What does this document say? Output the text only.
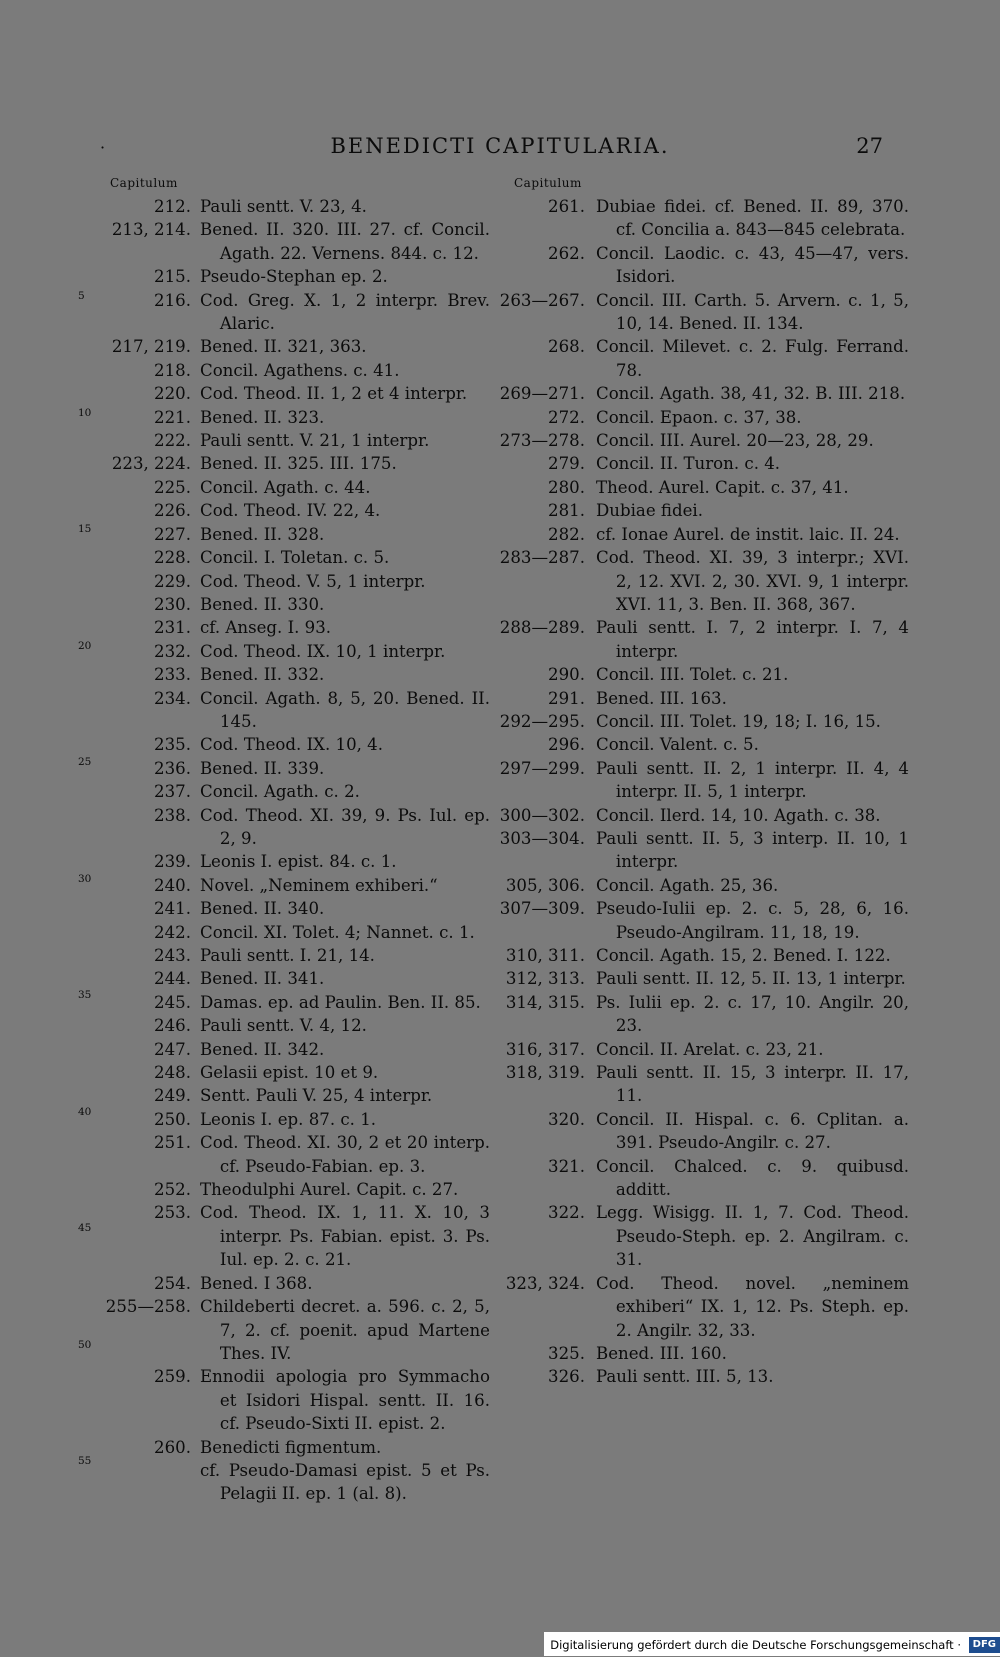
·	BENEDICTI CAPITULARIA.	27
Capitulum	Capitulum
212. Pauli sentt. V. 23, 4.
213, 214. Bened. II. 320. III. 27. cf. Concil. Agath. 22. Vernens. 844. c. 12.
215. Pseudo-Stephan ep. 2.
216. Cod. Greg. X. 1, 2 interpr. Brev. Alaric.
217, 219. Bened. II. 321, 363.
218. Concil. Agathens. c. 41.
220. Cod. Theod. II. 1, 2 et 4 interpr.
221. Bened. II. 323.
222. Pauli sentt. V. 21, 1 interpr.
223, 224. Bened. II. 325. III. 175.
225. Concil. Agath. c. 44.
226. Cod. Theod. IV. 22, 4.
227. Bened. II. 328.
228. Concil. I. Toletan. c. 5.
229. Cod. Theod. V. 5, 1 interpr.
230. Bened. II. 330.
231. cf. Anseg. I. 93.
232. Cod. Theod. IX. 10, 1 interpr.
233. Bened. II. 332.
234. Concil. Agath. 8, 5, 20. Bened. II. 145.
235. Cod. Theod. IX. 10, 4.
236. Bened. II. 339.
237. Concil. Agath. c. 2.
238. Cod. Theod. XI. 39, 9. Ps. Iul. ep. 2, 9.
239. Leonis I. epist. 84. c. 1.
240. Novel. „Neminem exhiberi.“
241. Bened. II. 340.
242. Concil. XI. Tolet. 4; Nannet. c. 1.
243. Pauli sentt. I. 21, 14.
244. Bened. II. 341.
245. Damas. ep. ad Paulin. Ben. II. 85.
246. Pauli sentt. V. 4, 12.
247. Bened. II. 342.
248. Gelasii epist. 10 et 9.
249. Sentt. Pauli V. 25, 4 interpr.
250. Leonis I. ep. 87. c. 1.
251. Cod. Theod. XI. 30, 2 et 20 interp. cf. Pseudo-Fabian. ep. 3.
252. Theodulphi Aurel. Capit. c. 27.
253. Cod. Theod. IX. 1, 11. X. 10, 3 interpr. Ps. Fabian. epist. 3. Ps. Iul. ep. 2. c. 21.
254. Bened. I 368.
255—258. Childeberti decret. a. 596. c. 2, 5, 7, 2. cf. poenit. apud Martene Thes. IV.
259. Ennodii apologia pro Symmacho et Isidori Hispal. sentt. II. 16. cf. Pseudo-Sixti II. epist. 2.
260. Benedicti figmentum.
cf. Pseudo-Damasi epist. 5 et Ps. Pelagii II. ep. 1 (al. 8).
261. Dubiae fidei. cf. Bened. II. 89, 370. cf. Concilia a. 843—845 celebrata.
262. Concil. Laodic. c. 43, 45—47, vers. Isidori.
263—267. Concil. III. Carth. 5. Arvern. c. 1, 5, 10, 14. Bened. II. 134.
268. Concil. Milevet. c. 2. Fulg. Ferrand. 78.
269—271. Concil. Agath. 38, 41, 32. B. III. 218.
272. Concil. Epaon. c. 37, 38.
273—278. Concil. III. Aurel. 20—23, 28, 29.
279. Concil. II. Turon. c. 4.
280. Theod. Aurel. Capit. c. 37, 41.
281. Dubiae fidei.
282. cf. Ionae Aurel. de instit. laic. II. 24.
283—287. Cod. Theod. XI. 39, 3 interpr.; XVI. 2, 12. XVI. 2, 30. XVI. 9, 1 interpr. XVI. 11, 3. Ben. II. 368, 367.
288—289. Pauli sentt. I. 7, 2 interpr. I. 7, 4 interpr.
290. Concil. III. Tolet. c. 21.
291. Bened. III. 163.
292—295. Concil. III. Tolet. 19, 18; I. 16, 15.
296. Concil. Valent. c. 5.
297—299. Pauli sentt. II. 2, 1 interpr. II. 4, 4 interpr. II. 5, 1 interpr.
300—302. Concil. Ilerd. 14, 10. Agath. c. 38.
303—304. Pauli sentt. II. 5, 3 interp. II. 10, 1 interpr.
305, 306. Concil. Agath. 25, 36.
307—309. Pseudo-Iulii ep. 2. c. 5, 28, 6, 16. Pseudo-Angilram. 11, 18, 19.
310, 311. Concil. Agath. 15, 2. Bened. I. 122.
312, 313. Pauli sentt. II. 12, 5. II. 13, 1 interpr.
314, 315. Ps. Iulii ep. 2. c. 17, 10. Angilr. 20, 23.
316, 317. Concil. II. Arelat. c. 23, 21.
318, 319. Pauli sentt. II. 15, 3 interpr. II. 17, 11.
320. Concil. II. Hispal. c. 6. Cplitan. a. 391. Pseudo-Angilr. c. 27.
321. Concil. Chalced. c. 9. quibusd. additt.
322. Legg. Wisigg. II. 1, 7. Cod. Theod. Pseudo-Steph. ep. 2. Angilram. c. 31.
323, 324. Cod. Theod. novel. „neminem exhiberi“ IX. 1, 12. Ps. Steph. ep. 2. Angilr. 32, 33.
325. Bened. III. 160.
326. Pauli sentt. III. 5, 13.
5
10
15
20
25
30
35
40
45
50
55
Digitalisierung gefördert durch die Deutsche Forschungsgemeinschaft · DFG
